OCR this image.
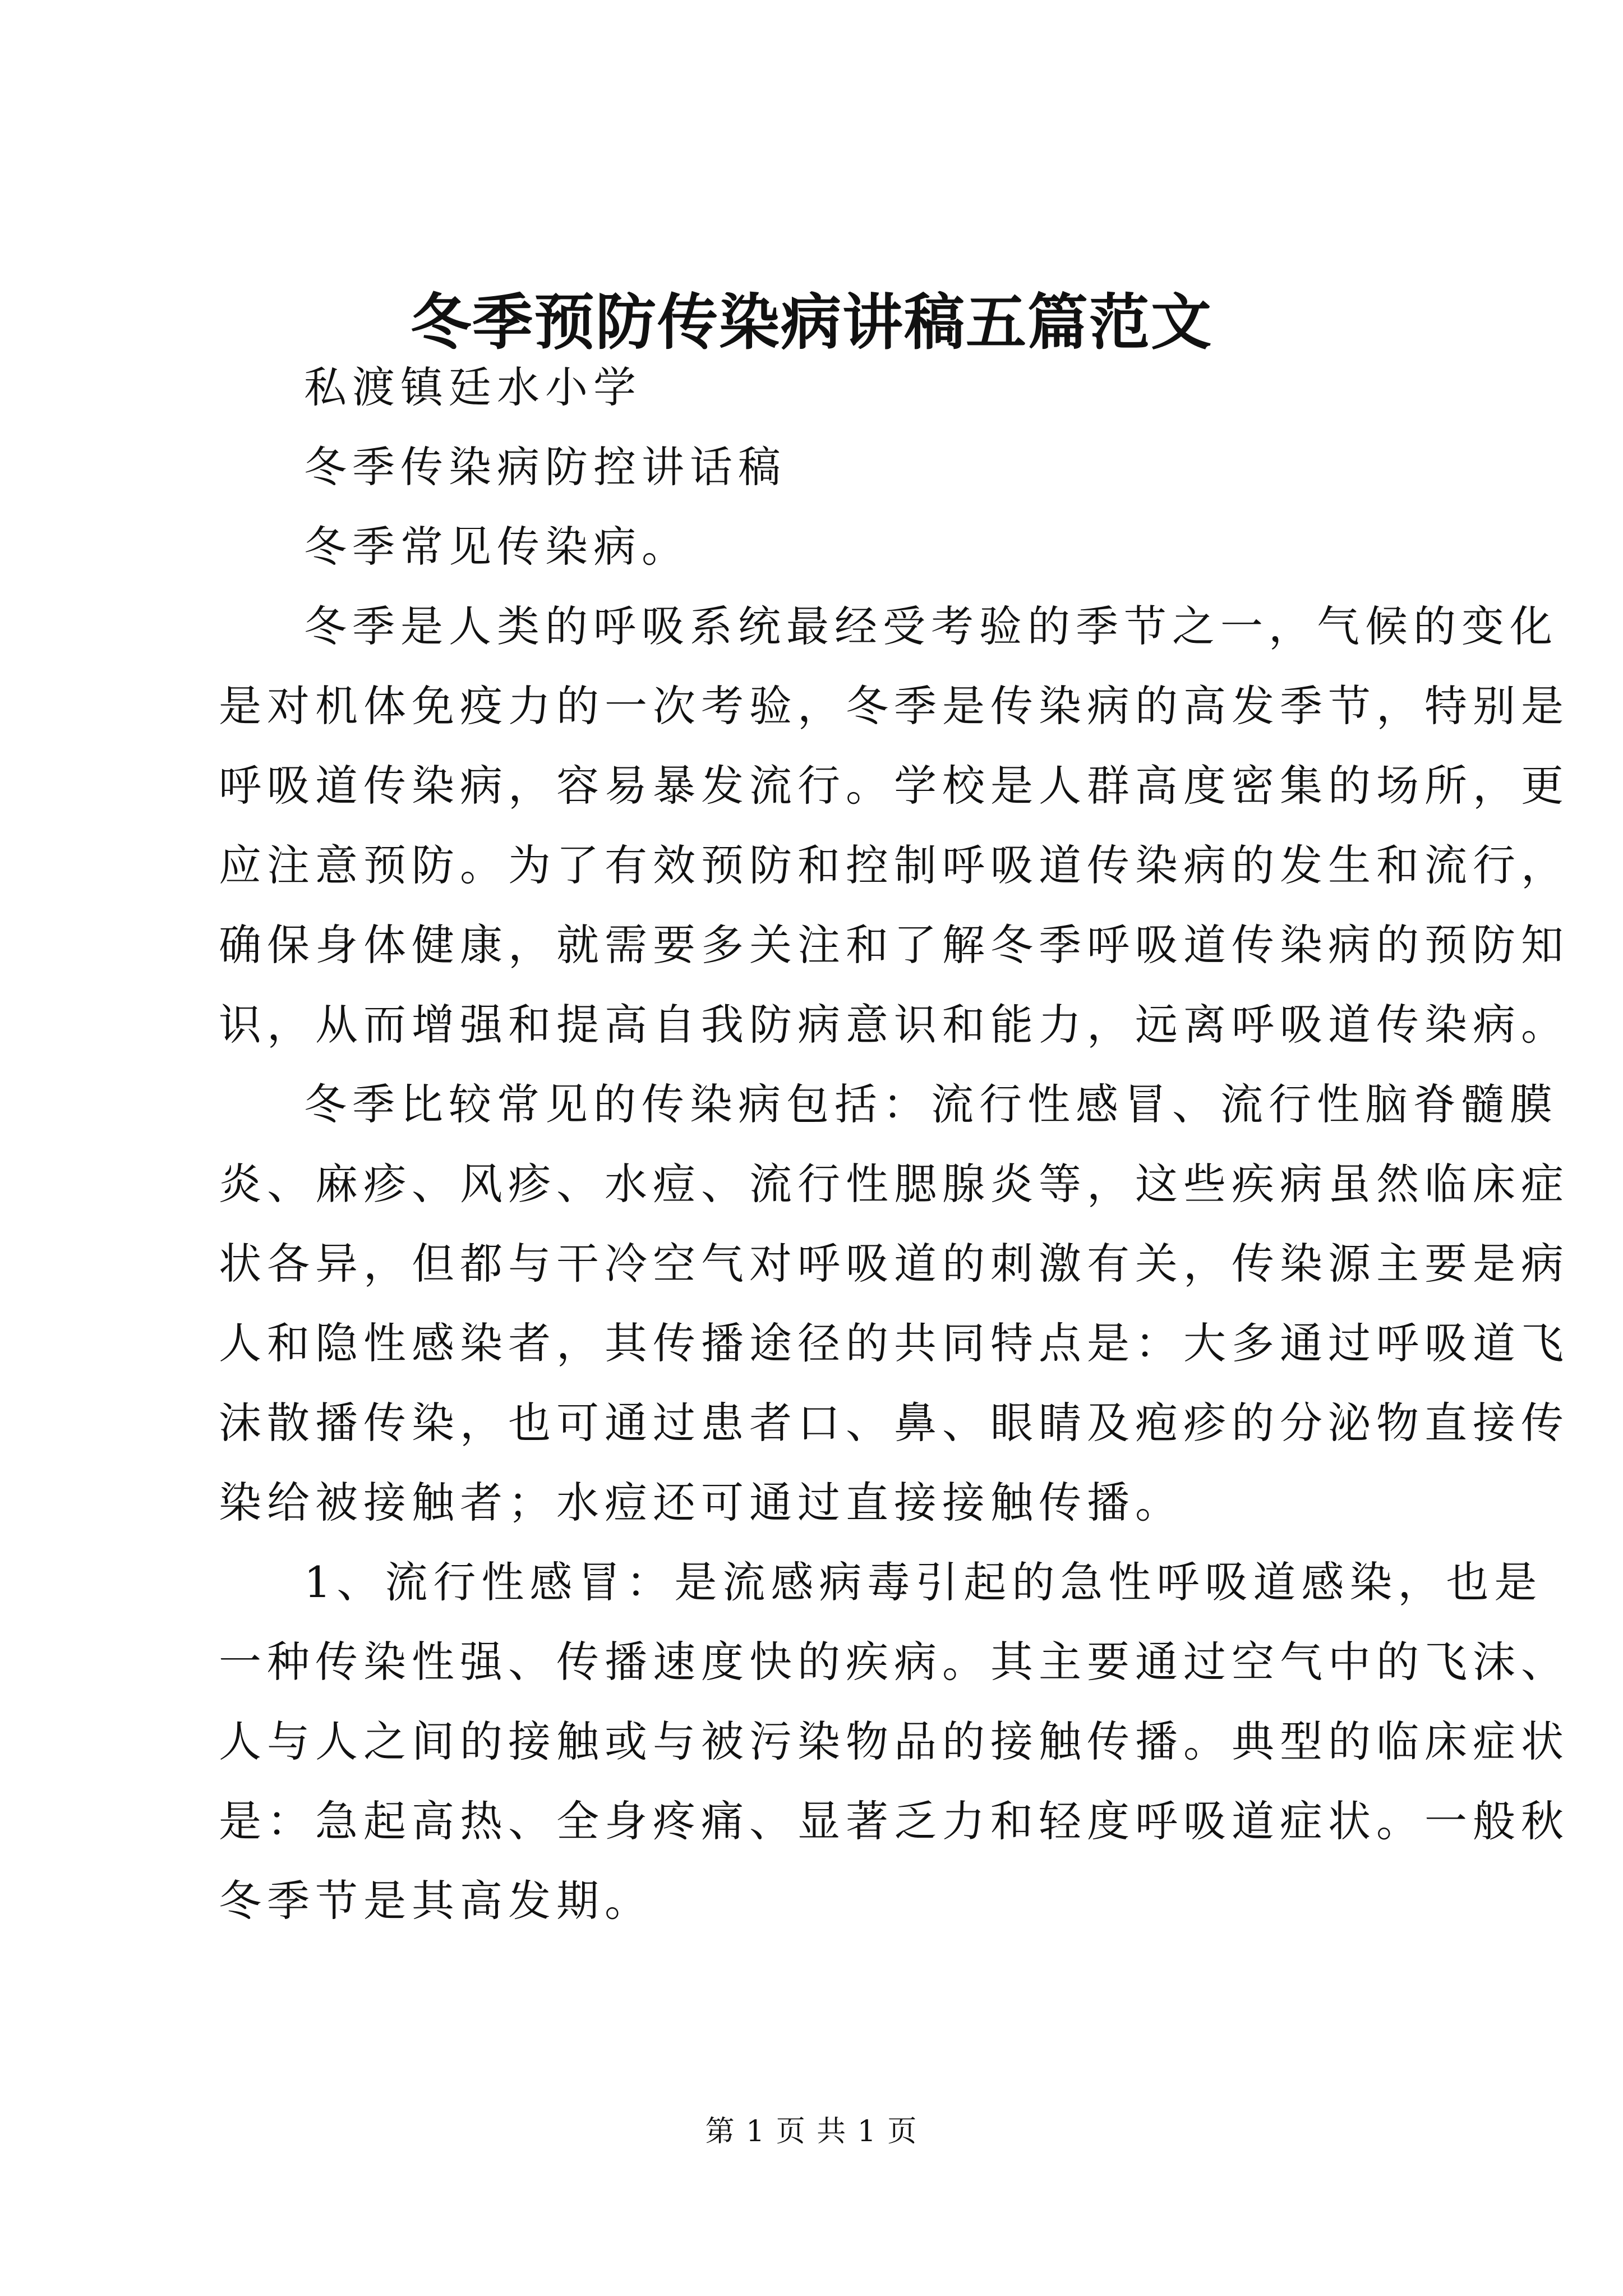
冬季预防传染病讲稿五篇范文

私渡镇廷水小学

冬季传染病防控讲话稿

冬季常见传染病。

冬季是人类的呼吸系统最经受考验的季节之一，气候的变化

是对机体免疫力的一次考验，冬季是传染病的高发季节，特别是

呼吸道传染病，容易暴发流行。学校是人群高度密集的场所，更

应注意预防。为了有效预防和控制呼吸道传染病的发生和流行，

确保身体健康，就需要多关注和了解冬季呼吸道传染病的预防知

识，从而增强和提高自我防病意识和能力，远离呼吸道传染病。

冬季比较常见的传染病包括：流行性感冒、流行性脑脊髓膜

炎、麻疹、风疹、水痘、流行性腮腺炎等，这些疾病虽然临床症

状各异，但都与干冷空气对呼吸道的刺激有关，传染源主要是病

人和隐性感染者，其传播途径的共同特点是：大多通过呼吸道飞

沫散播传染，也可通过患者口、鼻、眼睛及疱疹的分泌物直接传

染给被接触者；水痘还可通过直接接触传播。

1、流行性感冒：是流感病毒引起的急性呼吸道感染，也是

一种传染性强、传播速度快的疾病。其主要通过空气中的飞沫、

人与人之间的接触或与被污染物品的接触传播。典型的临床症状

是：急起高热、全身疼痛、显著乏力和轻度呼吸道症状。一般秋

冬季节是其高发期。

第 1 页 共 1 页
